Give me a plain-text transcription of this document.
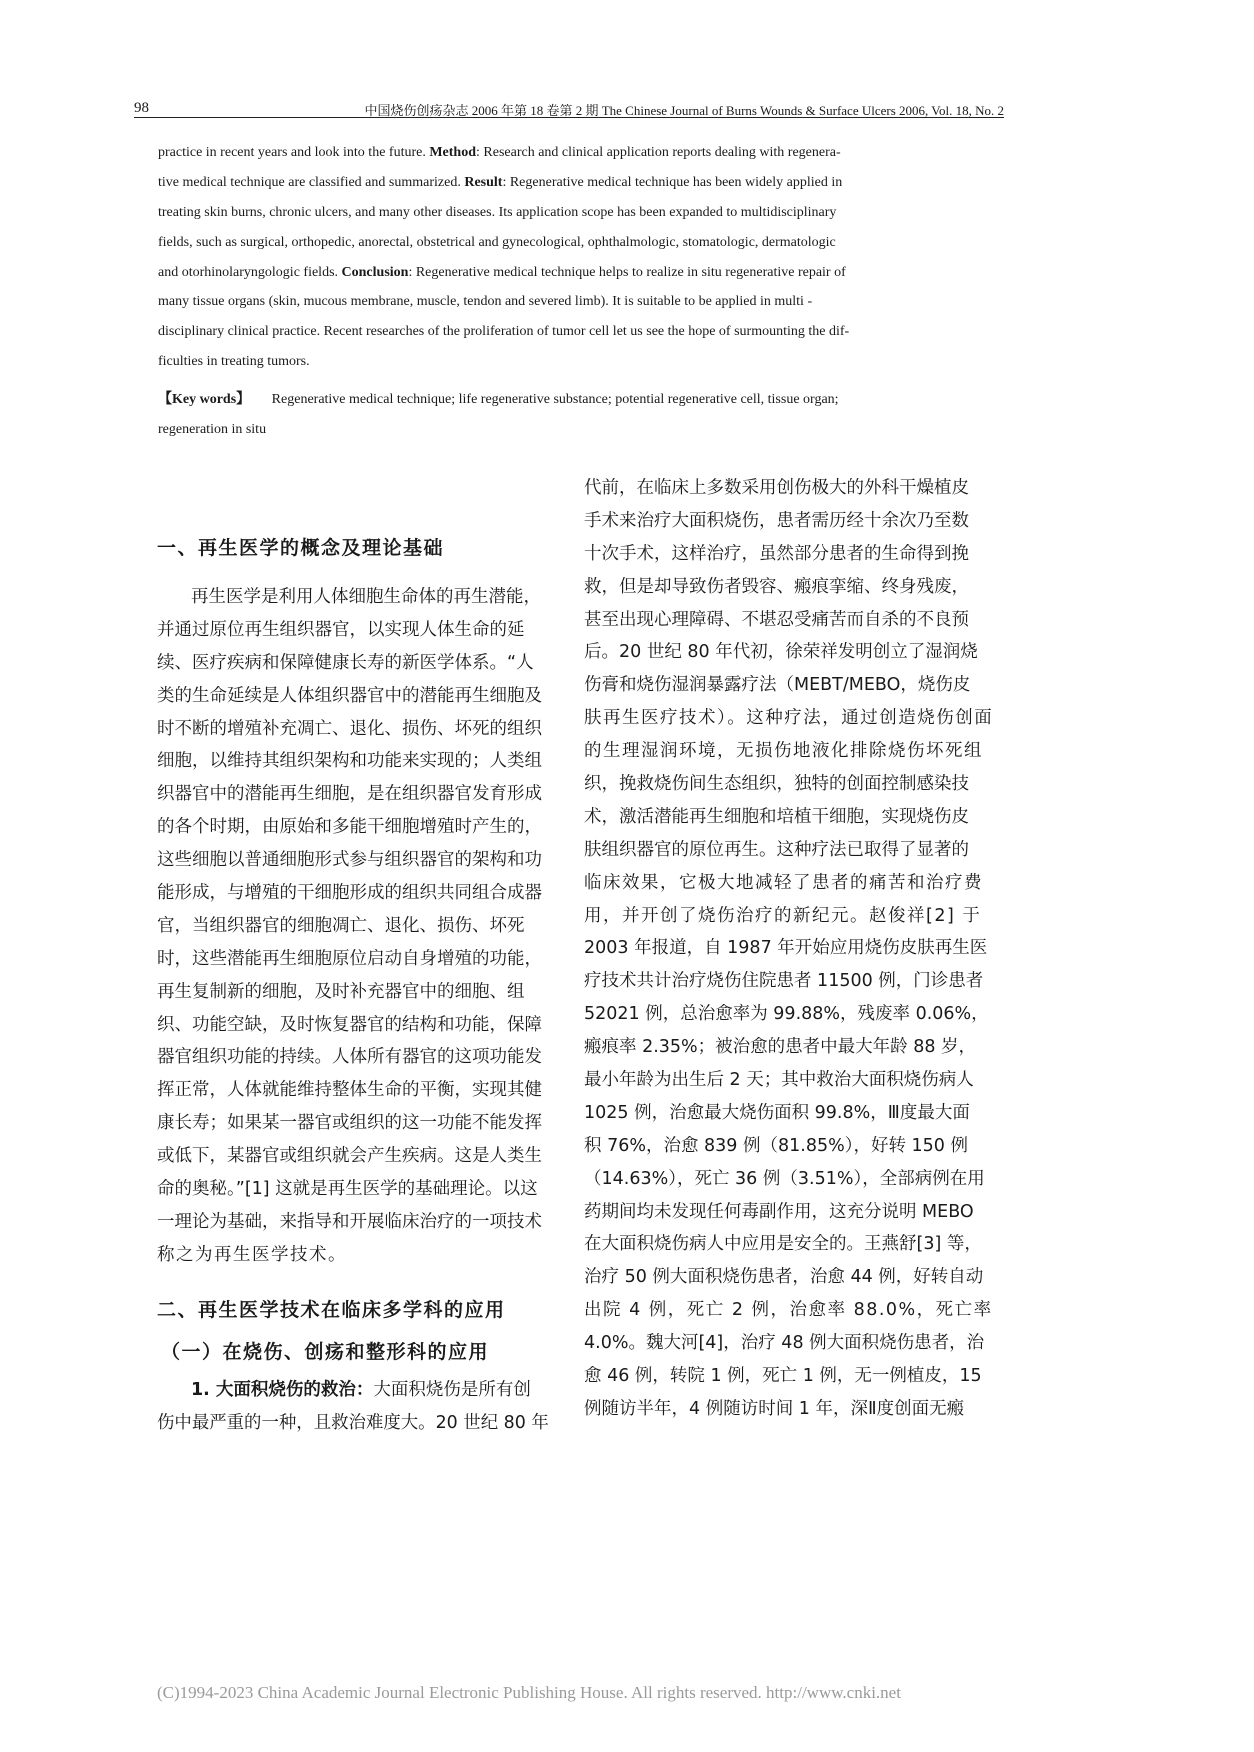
98	中国烧伤创疡杂志 2006 年第 18 卷第 2 期 The Chinese Journal of Burns Wounds & Surface Ulcers 2006, Vol. 18, No. 2
practice in recent years and look into the future. Method: Research and clinical application reports dealing with regenera-
tive medical technique are classified and summarized. Result: Regenerative medical technique has been widely applied in
treating skin burns, chronic ulcers, and many other diseases. Its application scope has been expanded to multidisciplinary
fields, such as surgical, orthopedic, anorectal, obstetrical and gynecological, ophthalmologic, stomatologic, dermatologic
and otorhinolaryngologic fields. Conclusion: Regenerative medical technique helps to realize in situ regenerative repair of
many tissue organs (skin, mucous membrane, muscle, tendon and severed limb). It is suitable to be applied in multi -
disciplinary clinical practice. Recent researches of the proliferation of tumor cell let us see the hope of surmounting the dif-
ficulties in treating tumors.
【Key words】 Regenerative medical technique; life regenerative substance; potential regenerative cell, tissue organ;
regeneration in situ
一、再生医学的概念及理论基础
再生医学是利用人体细胞生命体的再生潜能，
并通过原位再生组织器官，以实现人体生命的延
续、医疗疾病和保障健康长寿的新医学体系。“人
类的生命延续是人体组织器官中的潜能再生细胞及
时不断的增殖补充凋亡、退化、损伤、坏死的组织
细胞，以维持其组织架构和功能来实现的；人类组
织器官中的潜能再生细胞，是在组织器官发育形成
的各个时期，由原始和多能干细胞增殖时产生的，
这些细胞以普通细胞形式参与组织器官的架构和功
能形成，与增殖的干细胞形成的组织共同组合成器
官，当组织器官的细胞凋亡、退化、损伤、坏死
时，这些潜能再生细胞原位启动自身增殖的功能，
再生复制新的细胞，及时补充器官中的细胞、组
织、功能空缺，及时恢复器官的结构和功能，保障
器官组织功能的持续。人体所有器官的这项功能发
挥正常，人体就能维持整体生命的平衡，实现其健
康长寿；如果某一器官或组织的这一功能不能发挥
或低下，某器官或组织就会产生疾病。这是人类生
命的奥秘。”[1] 这就是再生医学的基础理论。以这
一理论为基础，来指导和开展临床治疗的一项技术
称之为再生医学技术。
二、再生医学技术在临床多学科的应用
（一）在烧伤、创疡和整形科的应用
1. 大面积烧伤的救治：大面积烧伤是所有创
伤中最严重的一种，且救治难度大。20 世纪 80 年
代前，在临床上多数采用创伤极大的外科干燥植皮
手术来治疗大面积烧伤，患者需历经十余次乃至数
十次手术，这样治疗，虽然部分患者的生命得到挽
救，但是却导致伤者毁容、瘢痕挛缩、终身残废，
甚至出现心理障碍、不堪忍受痛苦而自杀的不良预
后。20 世纪 80 年代初，徐荣祥发明创立了湿润烧
伤膏和烧伤湿润暴露疗法（MEBT/MEBO，烧伤皮
肤再生医疗技术）。这种疗法，通过创造烧伤创面
的生理湿润环境，无损伤地液化排除烧伤坏死组
织，挽救烧伤间生态组织，独特的创面控制感染技
术，激活潜能再生细胞和培植干细胞，实现烧伤皮
肤组织器官的原位再生。这种疗法已取得了显著的
临床效果，它极大地减轻了患者的痛苦和治疗费
用，并开创了烧伤治疗的新纪元。赵俊祥[2] 于
2003 年报道，自 1987 年开始应用烧伤皮肤再生医
疗技术共计治疗烧伤住院患者 11500 例，门诊患者
52021 例，总治愈率为 99.88%，残废率 0.06%，
瘢痕率 2.35%；被治愈的患者中最大年龄 88 岁，
最小年龄为出生后 2 天；其中救治大面积烧伤病人
1025 例，治愈最大烧伤面积 99.8%，Ⅲ度最大面
积 76%，治愈 839 例（81.85%），好转 150 例
（14.63%），死亡 36 例（3.51%），全部病例在用
药期间均未发现任何毒副作用，这充分说明 MEBO
在大面积烧伤病人中应用是安全的。王燕舒[3] 等，
治疗 50 例大面积烧伤患者，治愈 44 例，好转自动
出院 4 例，死亡 2 例，治愈率 88.0%，死亡率
4.0%。魏大河[4]，治疗 48 例大面积烧伤患者，治
愈 46 例，转院 1 例，死亡 1 例，无一例植皮，15
例随访半年，4 例随访时间 1 年，深Ⅱ度创面无瘢
(C)1994-2023 China Academic Journal Electronic Publishing House. All rights reserved. http://www.cnki.net
